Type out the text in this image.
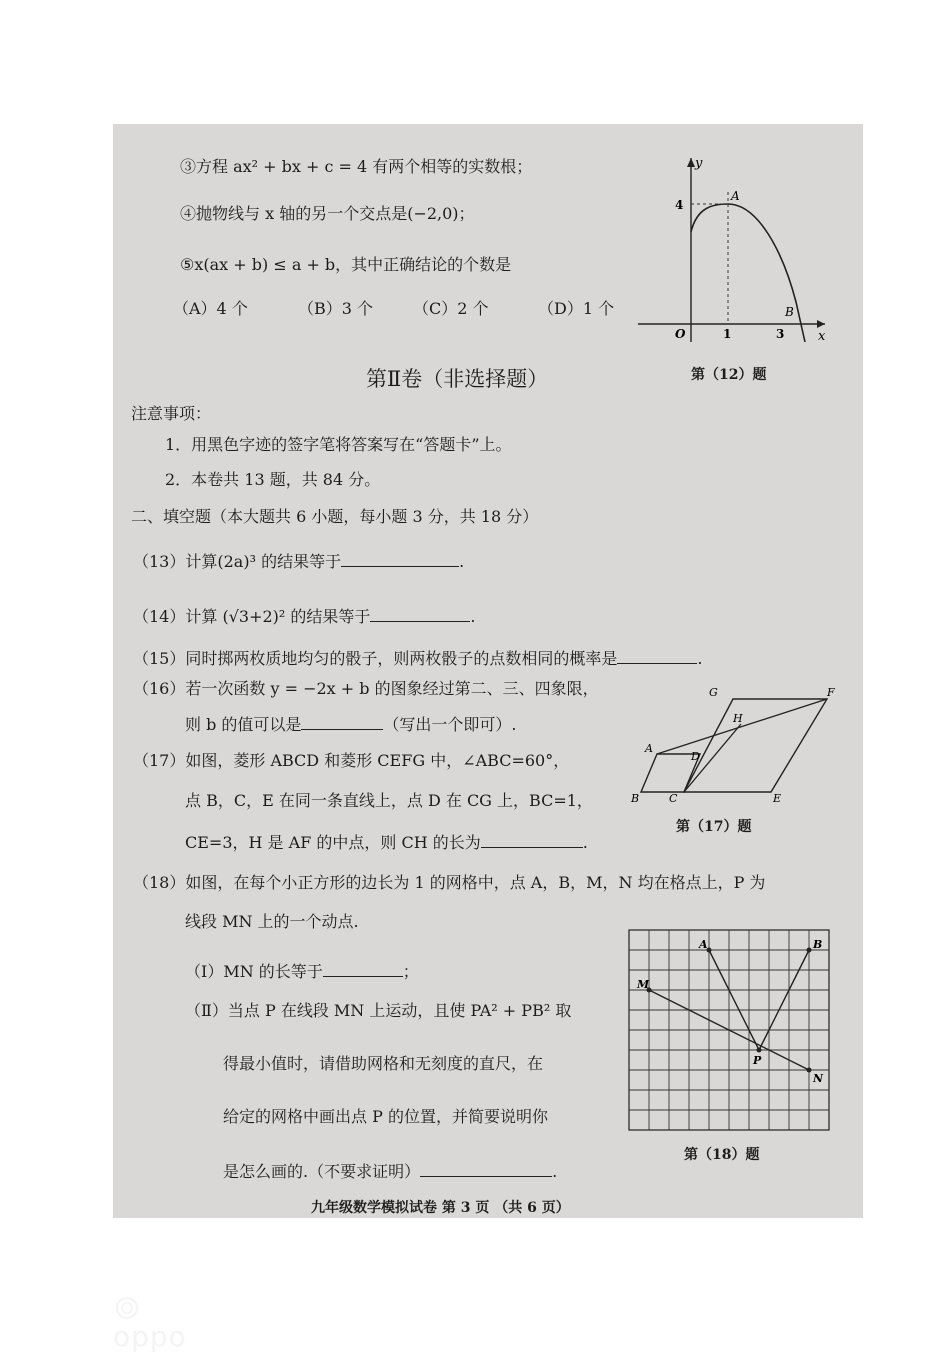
③方程 ax² + bx + c = 4 有两个相等的实数根；
④抛物线与 x 轴的另一个交点是(−2,0)；
⑤x(ax + b) ≤ a + b，其中正确结论的个数是
（A）4 个	（B）3 个 （C）2 个	（D）1 个
y
x
4
O	1	3
A
B
第（12）题
第Ⅱ卷（非选择题）
注意事项：
1．用黑色字迹的签字笔将答案写在“答题卡”上。
2．本卷共 13 题，共 84 分。
二、填空题（本大题共 6 小题，每小题 3 分，共 18 分）
（13）计算(2a)³ 的结果等于	.
（14）计算 (√3+2)² 的结果等于	.
（15）同时掷两枚质地均匀的骰子，则两枚骰子的点数相同的概率是	.
（16）若一次函数 y = −2x + b 的图象经过第二、三、四象限，
则 b 的值可以是	（写出一个即可）.
（17）如图，菱形 ABCD 和菱形 CEFG 中，∠ABC=60°，
点 B，C，E 在同一条直线上，点 D 在 CG 上，BC=1，
CE=3，H 是 AF 的中点，则 CH 的长为	.
G	F
H
A
D
B	C	E
第（17）题
（18）如图，在每个小正方形的边长为 1 的网格中，点 A，B，M，N 均在格点上，P 为
线段 MN 上的一个动点.
（Ⅰ）MN 的长等于	；
（Ⅱ）当点 P 在线段 MN 上运动，且使 PA² + PB² 取
得最小值时，请借助网格和无刻度的直尺，在
给定的网格中画出点 P 的位置，并简要说明你
是怎么画的.（不要求证明）	.
A	B
M
P
N
第（18）题
九年级数学模拟试卷 第 3 页 （共 6 页）
oppo
